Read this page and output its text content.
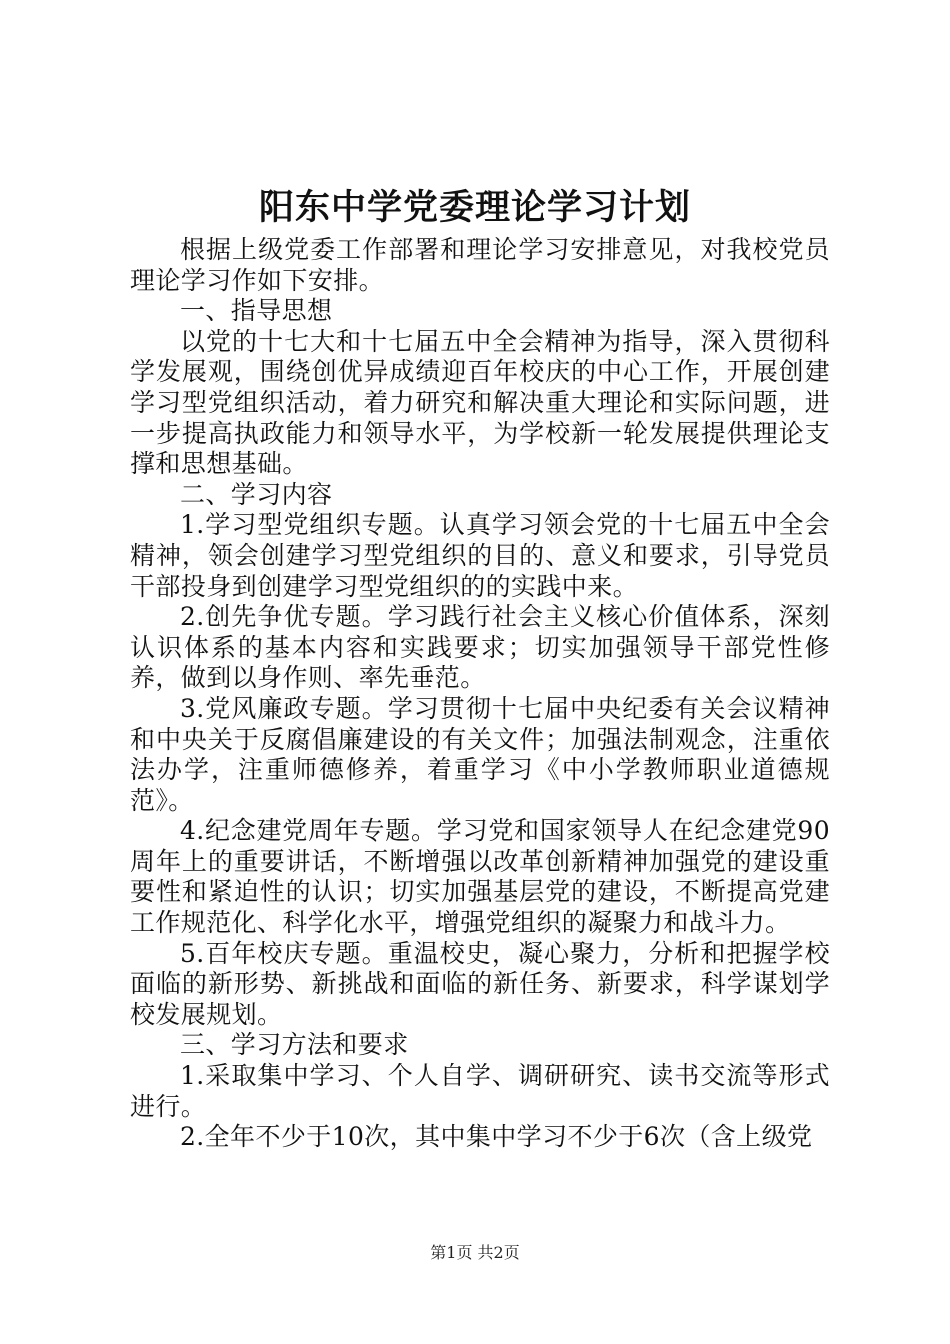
阳东中学党委理论学习计划

根据上级党委工作部署和理论学习安排意见，对我校党员理论学习作如下安排。

一、指导思想

以党的十七大和十七届五中全会精神为指导，深入贯彻科学发展观，围绕创优异成绩迎百年校庆的中心工作，开展创建学习型党组织活动，着力研究和解决重大理论和实际问题，进一步提高执政能力和领导水平，为学校新一轮发展提供理论支撑和思想基础。

二、学习内容

1.学习型党组织专题。认真学习领会党的十七届五中全会精神，领会创建学习型党组织的目的、意义和要求，引导党员干部投身到创建学习型党组织的的实践中来。

2.创先争优专题。学习践行社会主义核心价值体系，深刻认识体系的基本内容和实践要求；切实加强领导干部党性修养，做到以身作则、率先垂范。

3.党风廉政专题。学习贯彻十七届中央纪委有关会议精神和中央关于反腐倡廉建设的有关文件；加强法制观念，注重依法办学，注重师德修养，着重学习《中小学教师职业道德规范》。

4.纪念建党周年专题。学习党和国家领导人在纪念建党90周年上的重要讲话，不断增强以改革创新精神加强党的建设重要性和紧迫性的认识；切实加强基层党的建设，不断提高党建工作规范化、科学化水平，增强党组织的凝聚力和战斗力。

5.百年校庆专题。重温校史，凝心聚力，分析和把握学校面临的新形势、新挑战和面临的新任务、新要求，科学谋划学校发展规划。

三、学习方法和要求

1.采取集中学习、个人自学、调研研究、读书交流等形式进行。

2.全年不少于10次，其中集中学习不少于6次（含上级党

第1页 共2页
